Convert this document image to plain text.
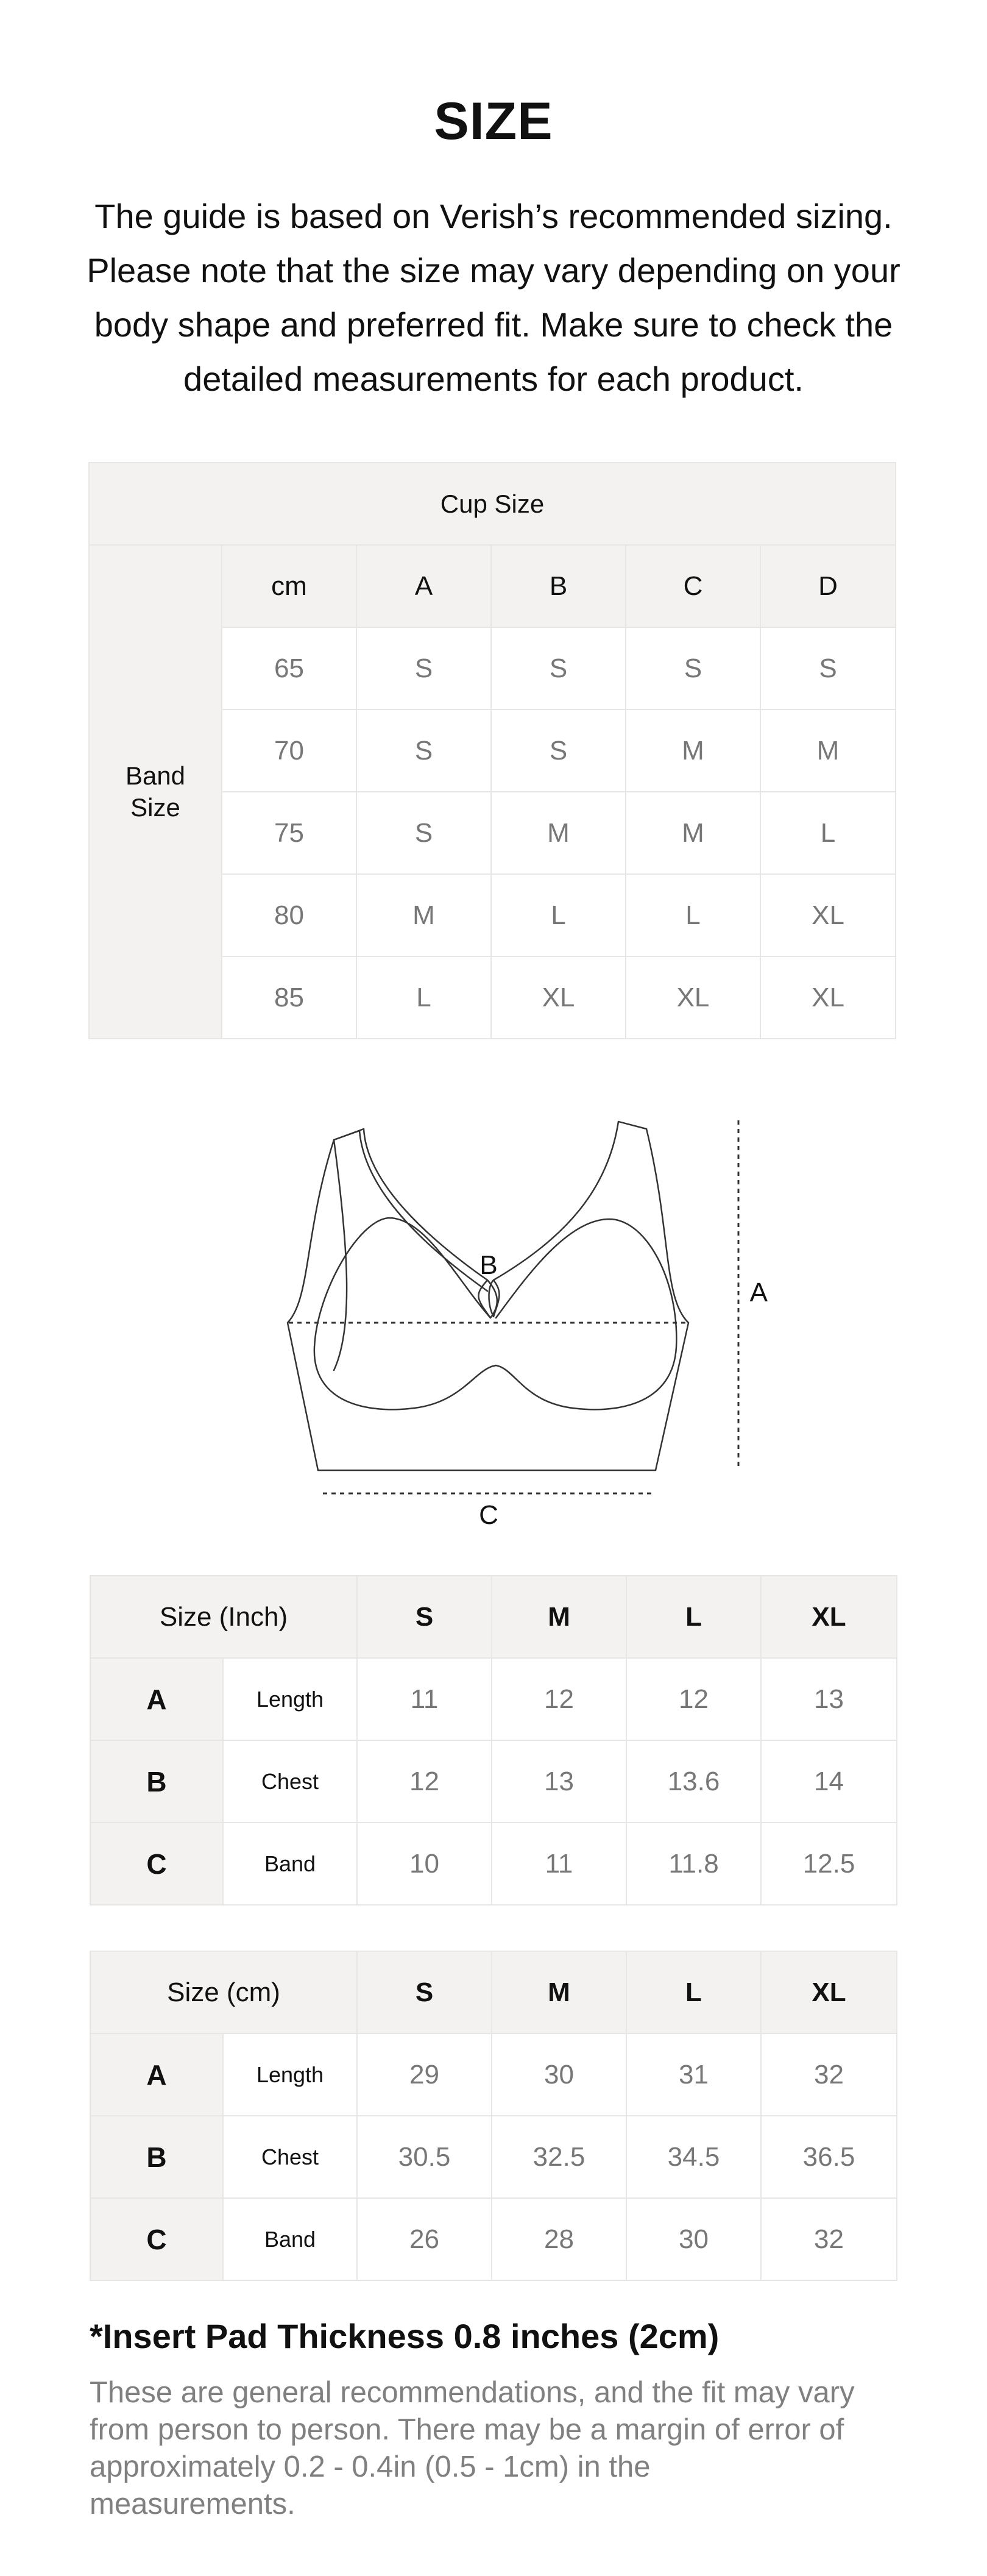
SIZE
The guide is based on Verish’s recommended sizing. Please note that the size may vary depending on your body shape and preferred fit. Make sure to check the detailed measurements for each product.
Cup Size					
Band
Size	cm	A	B	C	D
	65	S	S	S	S
	70	S	S	M	M
	75	S	M	M	L
	80	M	L	L	XL
	85	L	XL	XL	XL
B
A
C
Size (Inch)		S	M	L	XL
A	Length	11	12	12	13
B	Chest	12	13	13.6	14
C	Band	10	11	11.8	12.5
Size (cm)		S	M	L	XL
A	Length	29	30	31	32
B	Chest	30.5	32.5	34.5	36.5
C	Band	26	28	30	32
*Insert Pad Thickness 0.8 inches (2cm)
These are general recommendations, and the fit may vary from person to person. There may be a margin of error of approximately 0.2 - 0.4in (0.5 - 1cm) in the measurements.
